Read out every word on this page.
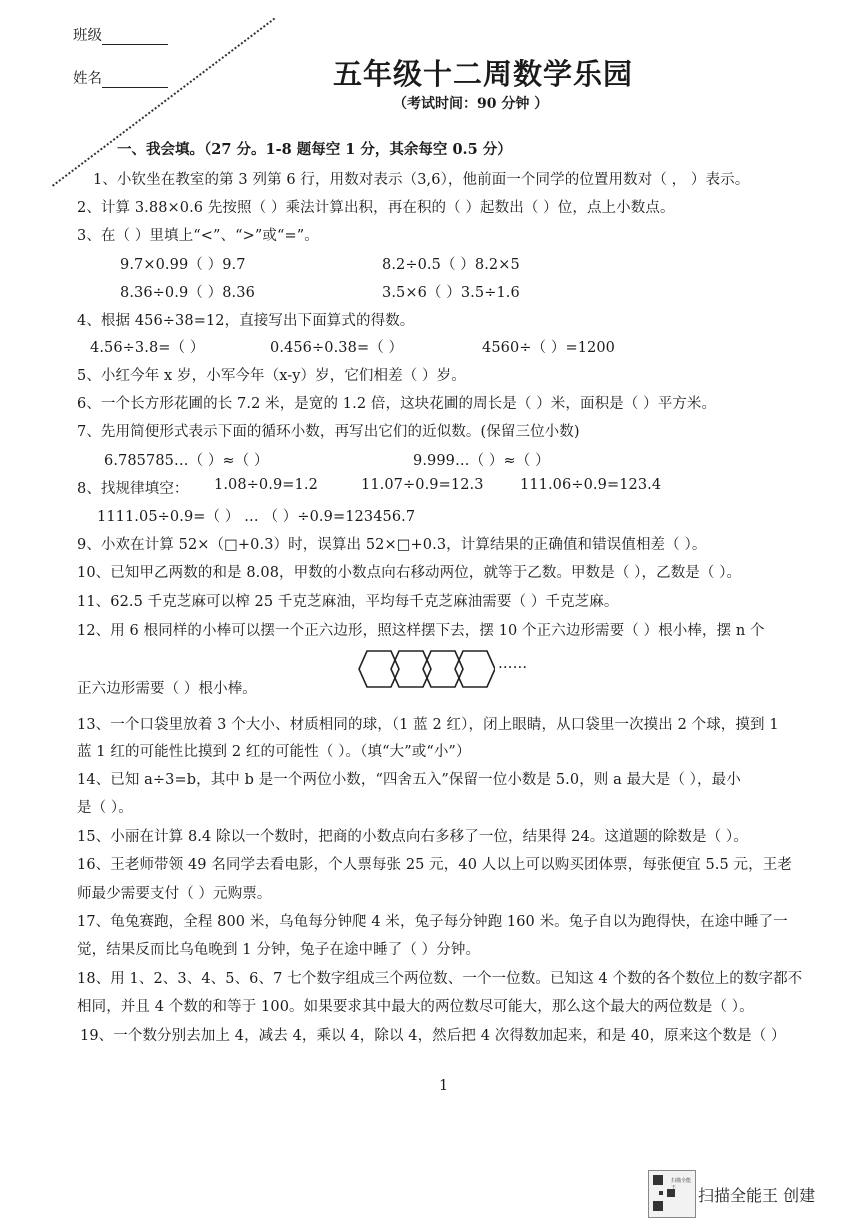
班级
姓名	五年级十二周数学乐园
（考试时间：90 分钟 ）
一、我会填。（27 分。1-8 题每空 1 分，其余每空 0.5 分）
1、小钦坐在教室的第 3 列第 6 行，用数对表示（3,6），他前面一个同学的位置用数对（ ， ）表示。
2、计算 3.88×0.6 先按照（ ）乘法计算出积，再在积的（ ）起数出（ ）位，点上小数点。
3、在（ ）里填上“<”、“>”或“=”。
9.7×0.99（ ）9.7	8.2÷0.5（ ）8.2×5
8.36÷0.9（ ）8.36	3.5×6（ ）3.5÷1.6
4、根据 456÷38=12，直接写出下面算式的得数。
4.56÷3.8=（ ）	0.456÷0.38=（ ）	4560÷（ ）=1200
5、小红今年 x 岁，小军今年（x-y）岁，它们相差（ ）岁。
6、一个长方形花圃的长 7.2 米，是宽的 1.2 倍，这块花圃的周长是（ ）米，面积是（ ）平方米。
7、先用简便形式表示下面的循环小数，再写出它们的近似数。(保留三位小数)
6.785785…（ ）≈（ ）	9.999…（ ）≈（ ）
8、找规律填空： 1.08÷0.9=1.2	11.07÷0.9=12.3	111.06÷0.9=123.4
1111.05÷0.9=（ ） … （ ）÷0.9=123456.7
9、小欢在计算 52×（□+0.3）时，误算出 52×□+0.3，计算结果的正确值和错误值相差（ ）。
10、已知甲乙两数的和是 8.08，甲数的小数点向右移动两位，就等于乙数。甲数是（ ），乙数是（ ）。
11、62.5 千克芝麻可以榨 25 千克芝麻油，平均每千克芝麻油需要（ ）千克芝麻。
12、用 6 根同样的小棒可以摆一个正六边形，照这样摆下去，摆 10 个正六边形需要（ ）根小棒，摆 n 个
正六边形需要（ ）根小棒。
……
13、一个口袋里放着 3 个大小、材质相同的球，（1 蓝 2 红），闭上眼睛，从口袋里一次摸出 2 个球，摸到 1
蓝 1 红的可能性比摸到 2 红的可能性（ ）。（填“大”或“小”）
14、已知 a÷3=b，其中 b 是一个两位小数，“四舍五入”保留一位小数是 5.0，则 a 最大是（ ），最小
是（ ）。
15、小丽在计算 8.4 除以一个数时，把商的小数点向右多移了一位，结果得 24。这道题的除数是（ ）。
16、王老师带领 49 名同学去看电影，个人票每张 25 元，40 人以上可以购买团体票，每张便宜 5.5 元，王老
师最少需要支付（ ）元购票。
17、龟兔赛跑，全程 800 米，乌龟每分钟爬 4 米，兔子每分钟跑 160 米。兔子自以为跑得快，在途中睡了一
觉，结果反而比乌龟晚到 1 分钟，兔子在途中睡了（ ）分钟。
18、用 1、2、3、4、5、6、7 七个数字组成三个两位数、一个一位数。已知这 4 个数的各个数位上的数字都不
相同，并且 4 个数的和等于 100。如果要求其中最大的两位数尽可能大，那么这个最大的两位数是（ ）。
19、一个数分别去加上 4，减去 4，乘以 4，除以 4，然后把 4 次得数加起来，和是 40，原来这个数是（ ）
1
扫描全能王	扫描全能王 创建
